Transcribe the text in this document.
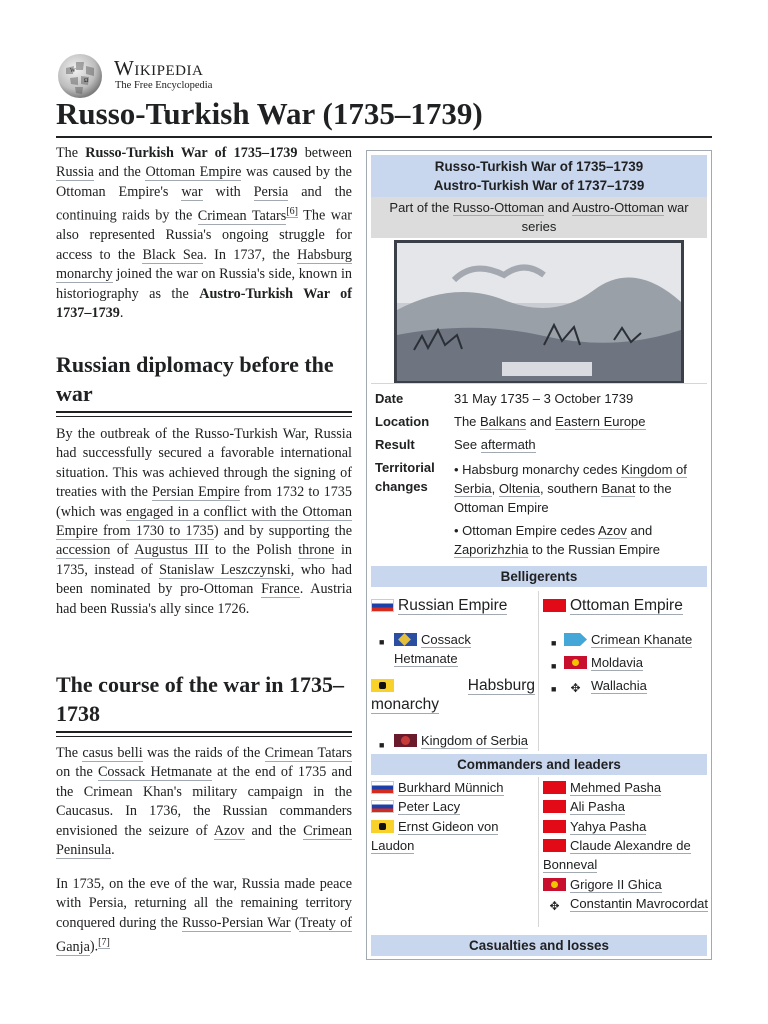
W
Ω
Wikipedia
The Free Encyclopedia
Russo-Turkish War (1735–1739)

The Russo-Turkish War of 1735–1739 between Russia and the Ottoman Empire was caused by the Ottoman Empire's war with Persia and the continuing raids by the Crimean Tatars[6] The war also represented Russia's ongoing struggle for access to the Black Sea. In 1737, the Habsburg monarchy joined the war on Russia's side, known in historiography as the Austro-Turkish War of 1737–1739.

Russian diplomacy before the war

By the outbreak of the Russo-Turkish War, Russia had successfully secured a favorable international situation. This was achieved through the signing of treaties with the Persian Empire from 1732 to 1735 (which was engaged in a conflict with the Ottoman Empire from 1730 to 1735) and by supporting the accession of Augustus III to the Polish throne in 1735, instead of Stanislaw Leszczynski, who had been nominated by pro-Ottoman France. Austria had been Russia's ally since 1726.

The course of the war in 1735–1738

The casus belli was the raids of the Crimean Tatars on the Cossack Hetmanate at the end of 1735 and the Crimean Khan's military campaign in the Caucasus. In 1736, the Russian commanders envisioned the seizure of Azov and the Crimean Peninsula.

In 1735, on the eve of the war, Russia made peace with Persia, returning all the remaining territory conquered during the Russo-Persian War (Treaty of Ganja).[7]

Russo-Turkish War of 1735–1739
Austro-Turkish War of 1737–1739
Part of the Russo-Ottoman and Austro-Ottoman war series
Date	31 May 1735 – 3 October 1739
Location The Balkans and Eastern Europe
Result	See aftermath
Territorial changes
• Habsburg monarchy cedes Kingdom of Serbia, Oltenia, southern Banat to the Ottoman Empire
• Ottoman Empire cedes Azov and Zaporizhzhia to the Russian Empire
Belligerents
Russian Empire
■	Cossack Hetmanate
Habsburg monarchy
■	Kingdom of Serbia
Ottoman Empire
■	Crimean Khanate
■	Moldavia
■	✥ Wallachia
Commanders and leaders
Burkhard Münnich
Peter Lacy
Ernst Gideon von Laudon
Mehmed Pasha
Ali Pasha
Yahya Pasha
Claude Alexandre de Bonneval
Grigore II Ghica
✥ Constantin Mavrocordat
Casualties and losses
